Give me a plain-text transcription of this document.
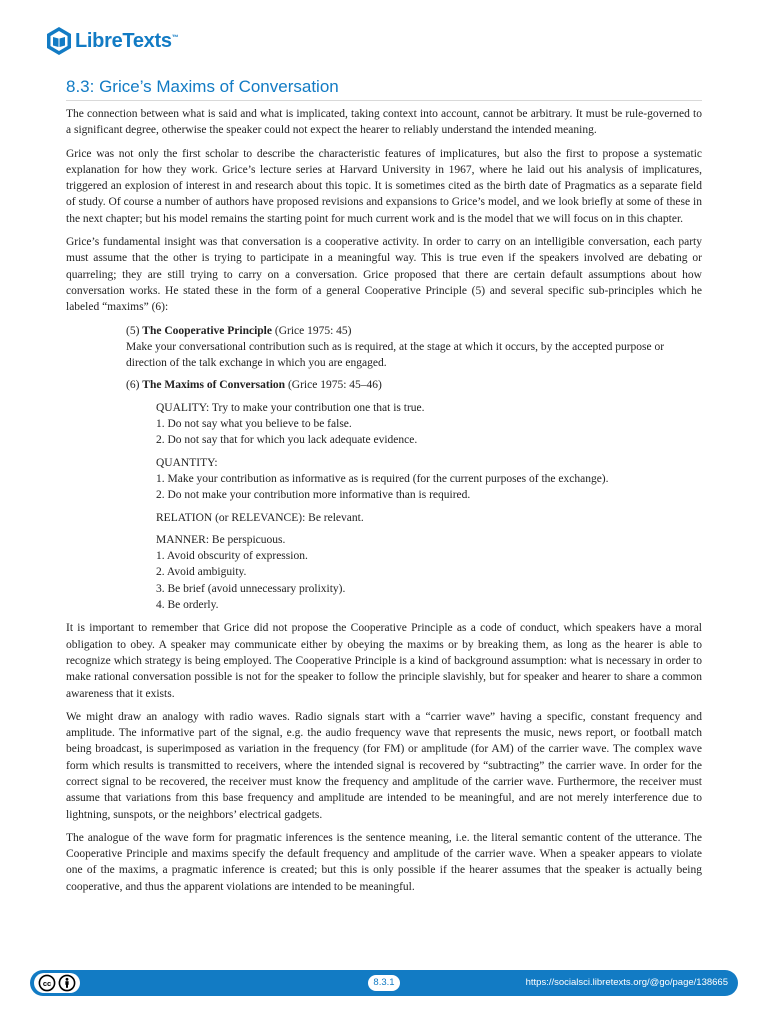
LibreTexts™
8.3: Grice’s Maxims of Conversation

The connection between what is said and what is implicated, taking context into account, cannot be arbitrary. It must be rule-governed to a significant degree, otherwise the speaker could not expect the hearer to reliably understand the intended meaning.

Grice was not only the first scholar to describe the characteristic features of implicatures, but also the first to propose a systematic explanation for how they work. Grice’s lecture series at Harvard University in 1967, where he laid out his analysis of implicatures, triggered an explosion of interest in and research about this topic. It is sometimes cited as the birth date of Pragmatics as a separate field of study. Of course a number of authors have proposed revisions and expansions to Grice’s model, and we look briefly at some of these in the next chapter; but his model remains the starting point for much current work and is the model that we will focus on in this chapter.

Grice’s fundamental insight was that conversation is a cooperative activity. In order to carry on an intelligible conversation, each party must assume that the other is trying to participate in a meaningful way. This is true even if the speakers involved are debating or quarreling; they are still trying to carry on a conversation. Grice proposed that there are certain default assumptions about how conversation works. He stated these in the form of a general Cooperative Principle (5) and several specific sub-principles which he labeled “maxims” (6):

(5) The Cooperative Principle (Grice 1975: 45)
Make your conversational contribution such as is required, at the stage at which it occurs, by the accepted purpose or direction of the talk exchange in which you are engaged.
(6) The Maxims of Conversation (Grice 1975: 45–46)
QUALITY: Try to make your contribution one that is true.
1. Do not say what you believe to be false.
2. Do not say that for which you lack adequate evidence.
QUANTITY:
1. Make your contribution as informative as is required (for the current purposes of the exchange).
2. Do not make your contribution more informative than is required.
RELATION (or RELEVANCE): Be relevant.
MANNER: Be perspicuous.
1. Avoid obscurity of expression.
2. Avoid ambiguity.
3. Be brief (avoid unnecessary prolixity).
4. Be orderly.

It is important to remember that Grice did not propose the Cooperative Principle as a code of conduct, which speakers have a moral obligation to obey. A speaker may communicate either by obeying the maxims or by breaking them, as long as the hearer is able to recognize which strategy is being employed. The Cooperative Principle is a kind of background assumption: what is necessary in order to make rational conversation possible is not for the speaker to follow the principle slavishly, but for speaker and hearer to share a common awareness that it exists.

We might draw an analogy with radio waves. Radio signals start with a “carrier wave” having a specific, constant frequency and amplitude. The informative part of the signal, e.g. the audio frequency wave that represents the music, news report, or football match being broadcast, is superimposed as variation in the frequency (for FM) or amplitude (for AM) of the carrier wave. The complex wave form which results is transmitted to receivers, where the intended signal is recovered by “subtracting” the carrier wave. In order for the correct signal to be recovered, the receiver must know the frequency and amplitude of the carrier wave. Furthermore, the receiver must assume that variations from this base frequency and amplitude are intended to be meaningful, and are not merely interference due to lightning, sunspots, or the neighbors’ electrical gadgets.

The analogue of the wave form for pragmatic inferences is the sentence meaning, i.e. the literal semantic content of the utterance. The Cooperative Principle and maxims specify the default frequency and amplitude of the carrier wave. When a speaker appears to violate one of the maxims, a pragmatic inference is created; but this is only possible if the hearer assumes that the speaker is actually being cooperative, and thus the apparent violations are intended to be meaningful.

cc	8.3.1	https://socialsci.libretexts.org/@go/page/138665
